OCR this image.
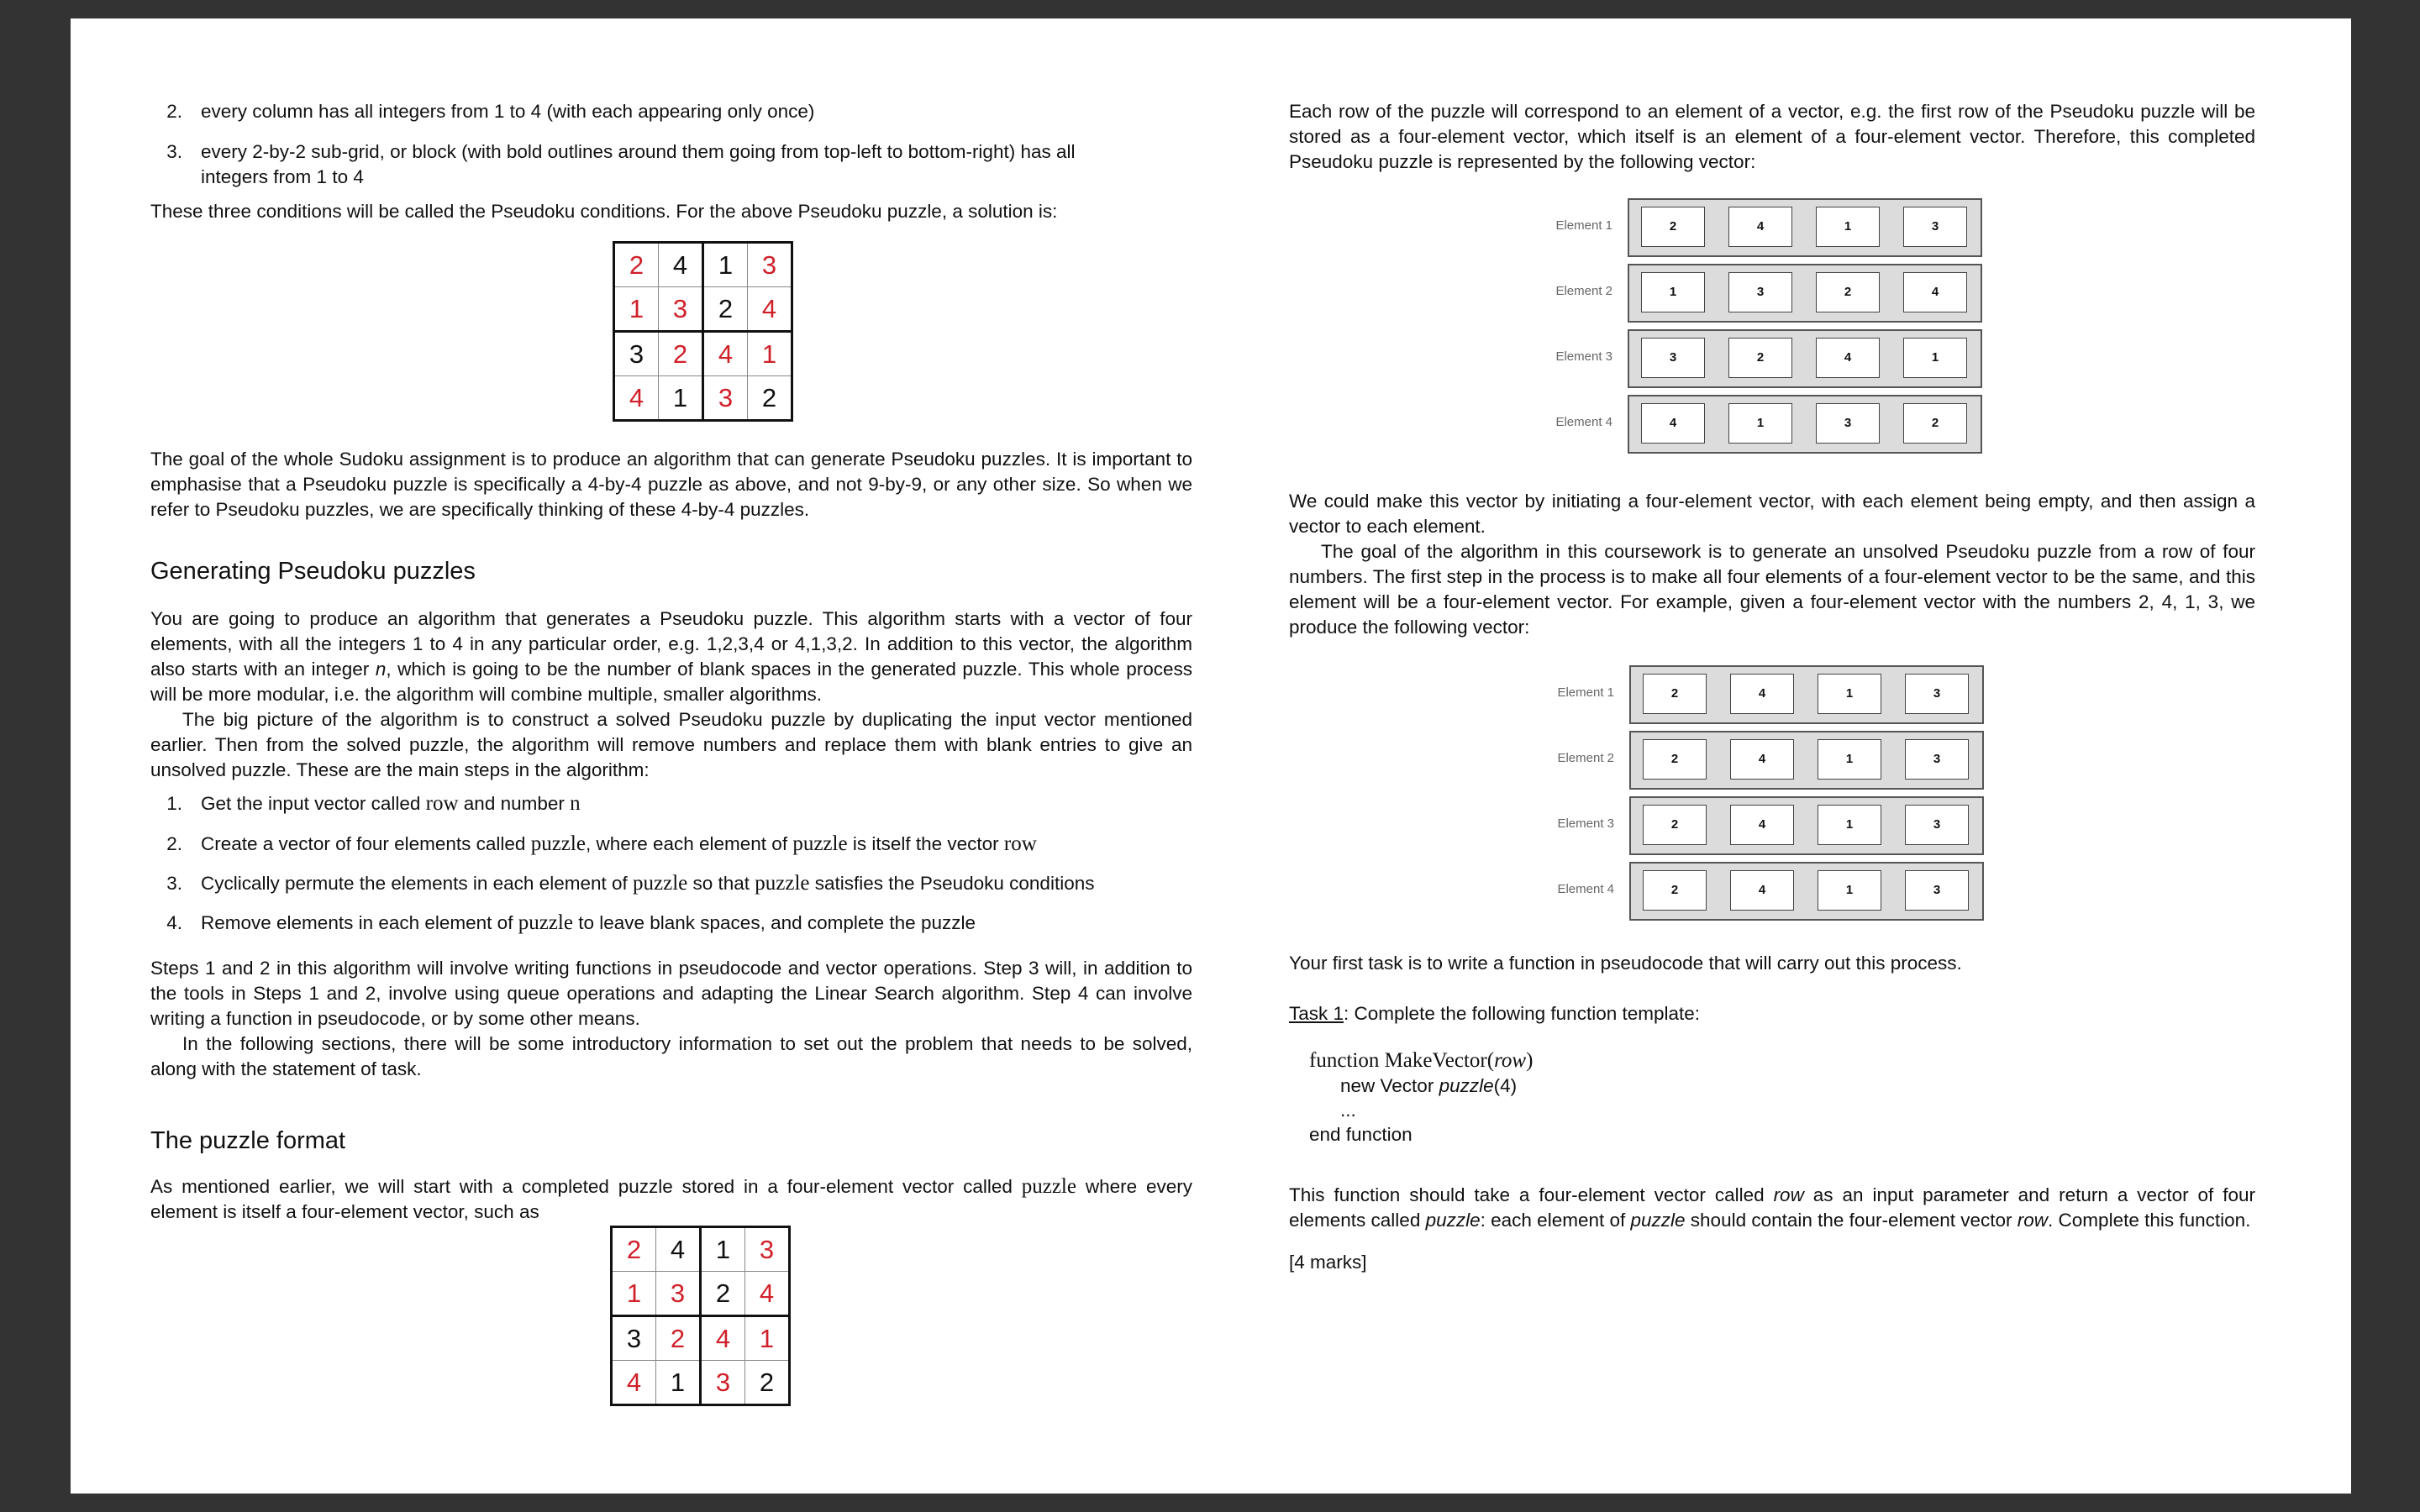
2. every column has all integers from 1 to 4 (with each appearing only once)
3. every 2-by-2 sub-grid, or block (with bold outlines around them going from top-left to bottom-right) has all
integers from 1 to 4
These three conditions will be called the Pseudoku conditions. For the above Pseudoku puzzle, a solution is:
2	4	1	3
1	3	2	4
3	2	4	1
4	1	3	2
The goal of the whole Sudoku assignment is to produce an algorithm that can generate Pseudoku puzzles. It is important to emphasise that a Pseudoku puzzle is specifically a 4-by-4 puzzle as above, and not 9-by-9, or any other size. So when we refer to Pseudoku puzzles, we are specifically thinking of these 4-by-4 puzzles.
Generating Pseudoku puzzles
You are going to produce an algorithm that generates a Pseudoku puzzle. This algorithm starts with a vector of four elements, with all the integers 1 to 4 in any particular order, e.g. 1,2,3,4 or 4,1,3,2. In addition to this vector, the algorithm also starts with an integer n, which is going to be the number of blank spaces in the generated puzzle. This whole process will be more modular, i.e. the algorithm will combine multiple, smaller algorithms.
The big picture of the algorithm is to construct a solved Pseudoku puzzle by duplicating the input vector mentioned earlier. Then from the solved puzzle, the algorithm will remove numbers and replace them with blank entries to give an unsolved puzzle. These are the main steps in the algorithm:
1. Get the input vector called row and number n
2. Create a vector of four elements called puzzle, where each element of puzzle is itself the vector row
3. Cyclically permute the elements in each element of puzzle so that puzzle satisfies the Pseudoku conditions
4. Remove elements in each element of puzzle to leave blank spaces, and complete the puzzle
Steps 1 and 2 in this algorithm will involve writing functions in pseudocode and vector operations. Step 3 will, in addition to the tools in Steps 1 and 2, involve using queue operations and adapting the Linear Search algorithm. Step 4 can involve writing a function in pseudocode, or by some other means.
In the following sections, there will be some introductory information to set out the problem that needs to be solved, along with the statement of task.
The puzzle format
As mentioned earlier, we will start with a completed puzzle stored in a four-element vector called puzzle where every element is itself a four-element vector, such as
2	4	1	3
1	3	2	4
3	2	4	1
4	1	3	2
Each row of the puzzle will correspond to an element of a vector, e.g. the first row of the Pseudoku puzzle will be stored as a four-element vector, which itself is an element of a four-element vector. Therefore, this completed Pseudoku puzzle is represented by the following vector:
Element 1	2	4	1	3
Element 2	1	3	2	4
Element 3	3	2	4	1
Element 4	4	1	3	2
We could make this vector by initiating a four-element vector, with each element being empty, and then assign a vector to each element.
The goal of the algorithm in this coursework is to generate an unsolved Pseudoku puzzle from a row of four numbers. The first step in the process is to make all four elements of a four-element vector to be the same, and this element will be a four-element vector. For example, given a four-element vector with the numbers 2, 4, 1, 3, we produce the following vector:
Element 1	2	4	1	3
Element 2	2	4	1	3
Element 3	2	4	1	3
Element 4	2	4	1	3
Your first task is to write a function in pseudocode that will carry out this process.
Task 1: Complete the following function template:
function MakeVector(row)
new Vector puzzle(4)
...
end function
This function should take a four-element vector called row as an input parameter and return a vector of four elements called puzzle: each element of puzzle should contain the four-element vector row. Complete this function.
[4 marks]
